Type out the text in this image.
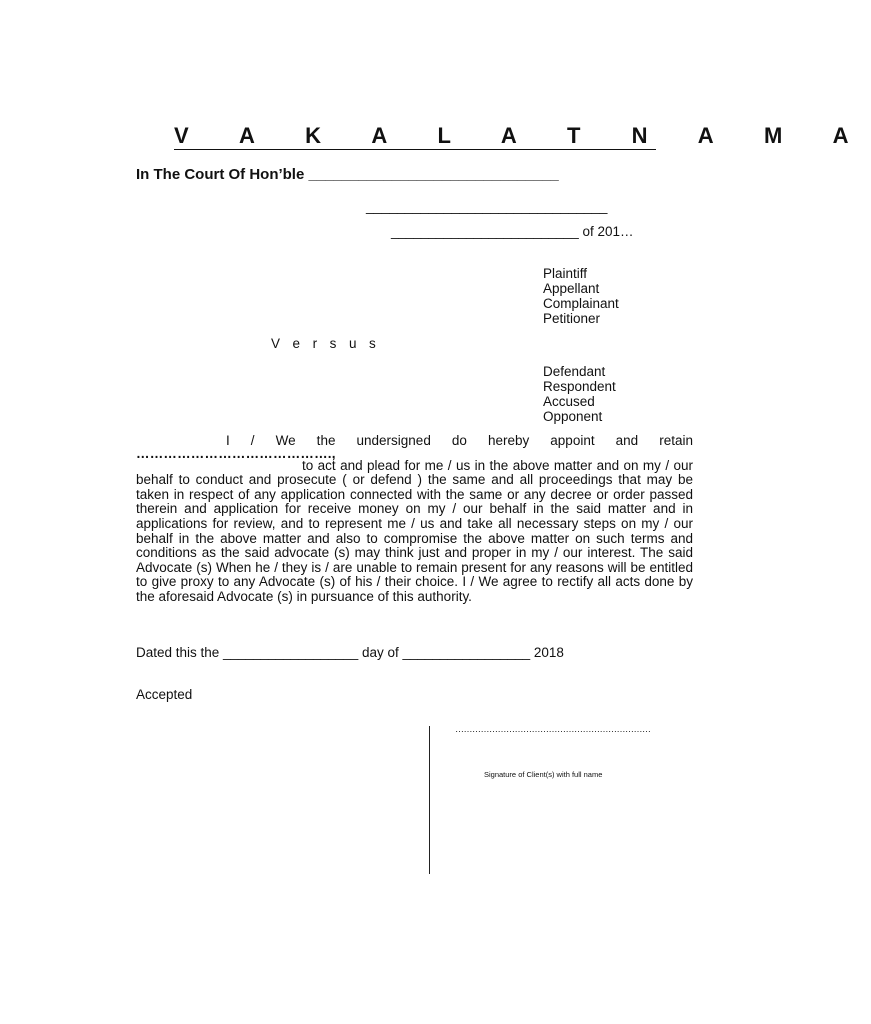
V A K A L A T N A M A
In The Court Of Hon’ble ______________________________
_______________________________
_________________________ of 201…
Plaintiff
Appellant
Complainant
Petitioner
V e r s u s
Defendant
Respondent
Accused
Opponent

I / We the undersigned do hereby appoint and retain

…………………………………….,

to act and plead for me / us in the above matter and on my / our behalf to conduct and prosecute ( or defend ) the same and all proceedings that may be taken in respect of any application connected with the same or any decree or order passed therein and application for receive money on my / our behalf in the said matter and in applications for review, and to represent me / us and take all necessary steps on my / our behalf in the above matter and also to compromise the above matter on such terms and conditions as the said advocate (s) may think just and proper in my / our interest. The said Advocate (s) When he / they is / are unable to remain present for any reasons will be entitled to give proxy to any Advocate (s) of his / their choice. I / We agree to rectify all acts done by the aforesaid Advocate (s) in pursuance of this authority.

Dated this the __________________ day of _________________ 2018
Accepted
……………………………………………………………
Signature of Client(s) with full name
